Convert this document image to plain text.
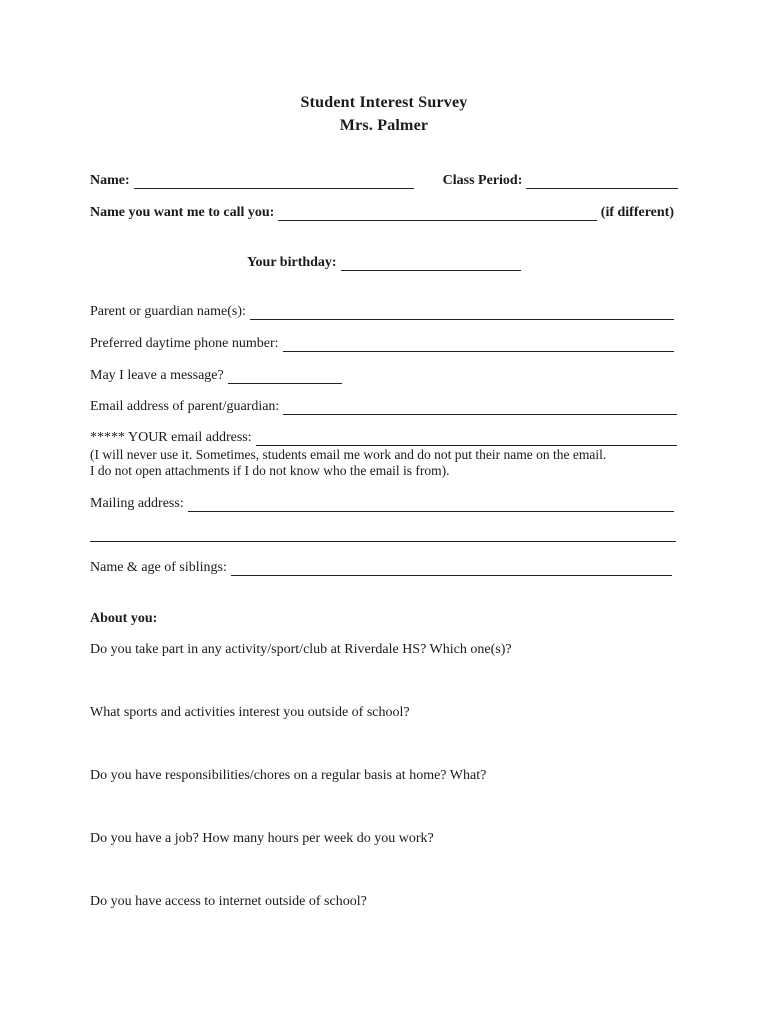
Student Interest Survey
Mrs. Palmer
Name:	Class Period:
Name you want me to call you:	(if different)
Your birthday:
Parent or guardian name(s):
Preferred daytime phone number:
May I leave a message?
Email address of parent/guardian:
***** YOUR email address:
(I will never use it. Sometimes, students email me work and do not put their name on the email.
I do not open attachments if I do not know who the email is from).
Mailing address:
Name & age of siblings:
About you:
Do you take part in any activity/sport/club at Riverdale HS? Which one(s)?
What sports and activities interest you outside of school?
Do you have responsibilities/chores on a regular basis at home? What?
Do you have a job? How many hours per week do you work?
Do you have access to internet outside of school?
